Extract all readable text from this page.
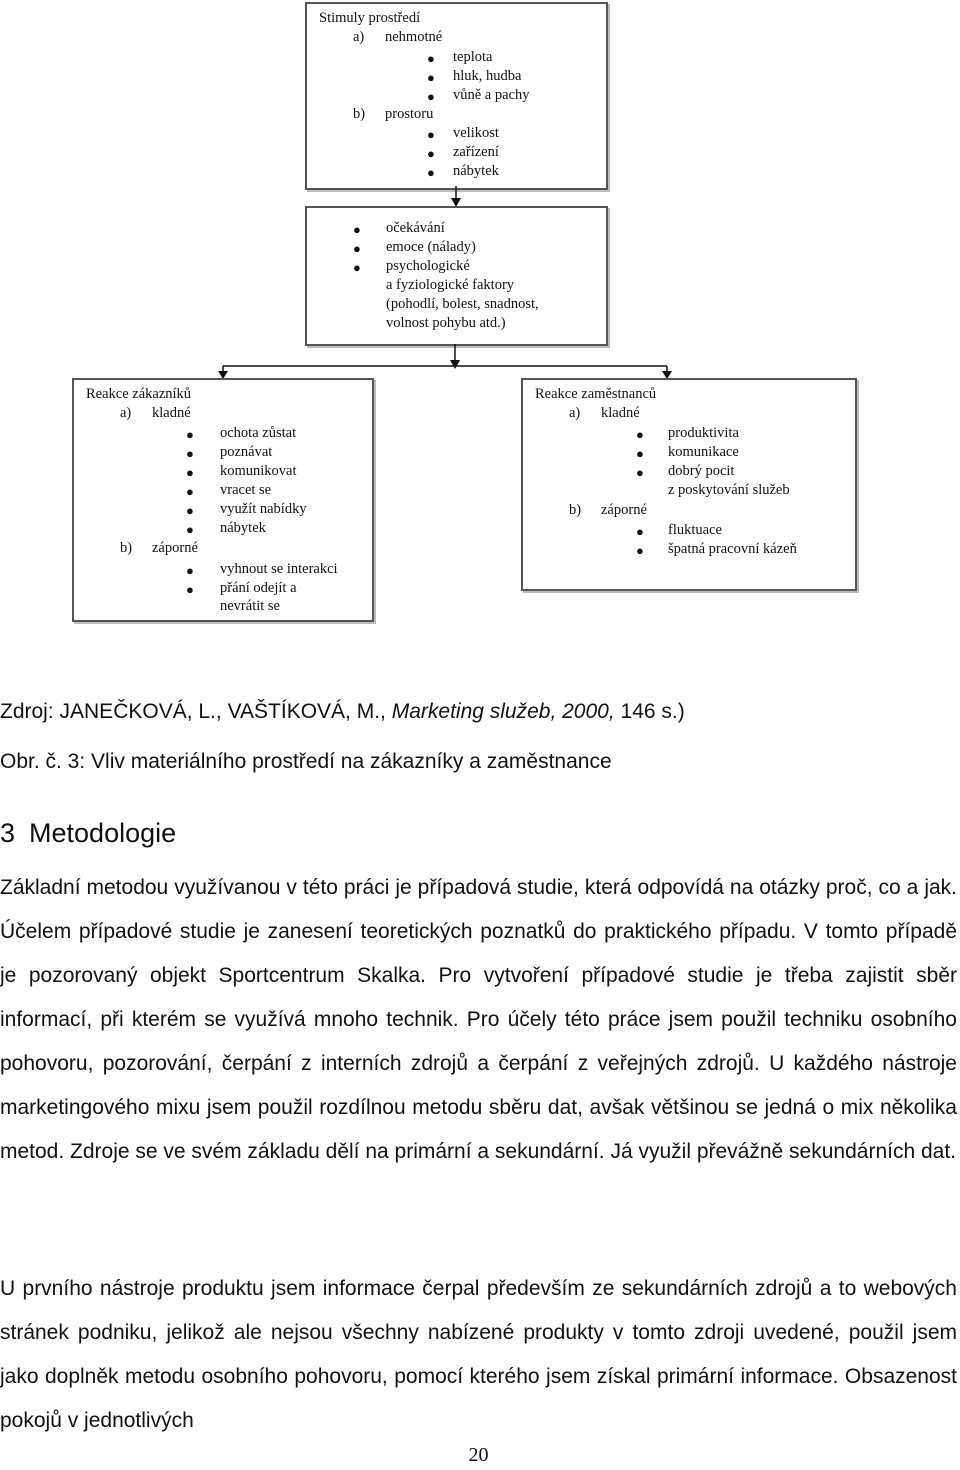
Stimuly prostředí
a) nehmotné
● teplota
● hluk, hudba
● vůně a pachy
b) prostoru
● velikost
● zařízení
● nábytek
● očekávání
● emoce (nálady)
● psychologické
a fyziologické faktory
(pohodlí, bolest, snadnost,
volnost pohybu atd.)
Reakce zákazníků
a) kladné
● ochota zůstat
● poznávat
● komunikovat
● vracet se
● využít nabídky
● nábytek
b) záporné
● vyhnout se interakci
● přání odejít a
nevrátit se
Reakce zaměstnanců
a) kladné
● produktivita
● komunikace
● dobrý pocit
z poskytování služeb
b) záporné
● fluktuace
● špatná pracovní kázeň
Zdroj: JANEČKOVÁ, L., VAŠTÍKOVÁ, M., Marketing služeb, 2000, 146 s.)
Obr. č. 3: Vliv materiálního prostředí na zákazníky a zaměstnance
3 Metodologie

Základní metodou využívanou v této práci je případová studie, která odpovídá na otázky proč, co a jak. Účelem případové studie je zanesení teoretických poznatků do praktického případu. V tomto případě je pozorovaný objekt Sportcentrum Skalka. Pro vytvoření případové studie je třeba zajistit sběr informací, při kterém se využívá mnoho technik. Pro účely této práce jsem použil techniku osobního pohovoru, pozorování, čerpání z interních zdrojů a čerpání z veřejných zdrojů. U každého nástroje marketingového mixu jsem použil rozdílnou metodu sběru dat, avšak většinou se jedná o mix několika metod. Zdroje se ve svém základu dělí na primární a sekundární. Já využil převážně sekundárních dat.

U prvního nástroje produktu jsem informace čerpal především ze sekundárních zdrojů a to webových stránek podniku, jelikož ale nejsou všechny nabízené produkty v tomto zdroji uvedené, použil jsem jako doplněk metodu osobního pohovoru, pomocí kterého jsem získal primární informace. Obsazenost pokojů v jednotlivých

20
